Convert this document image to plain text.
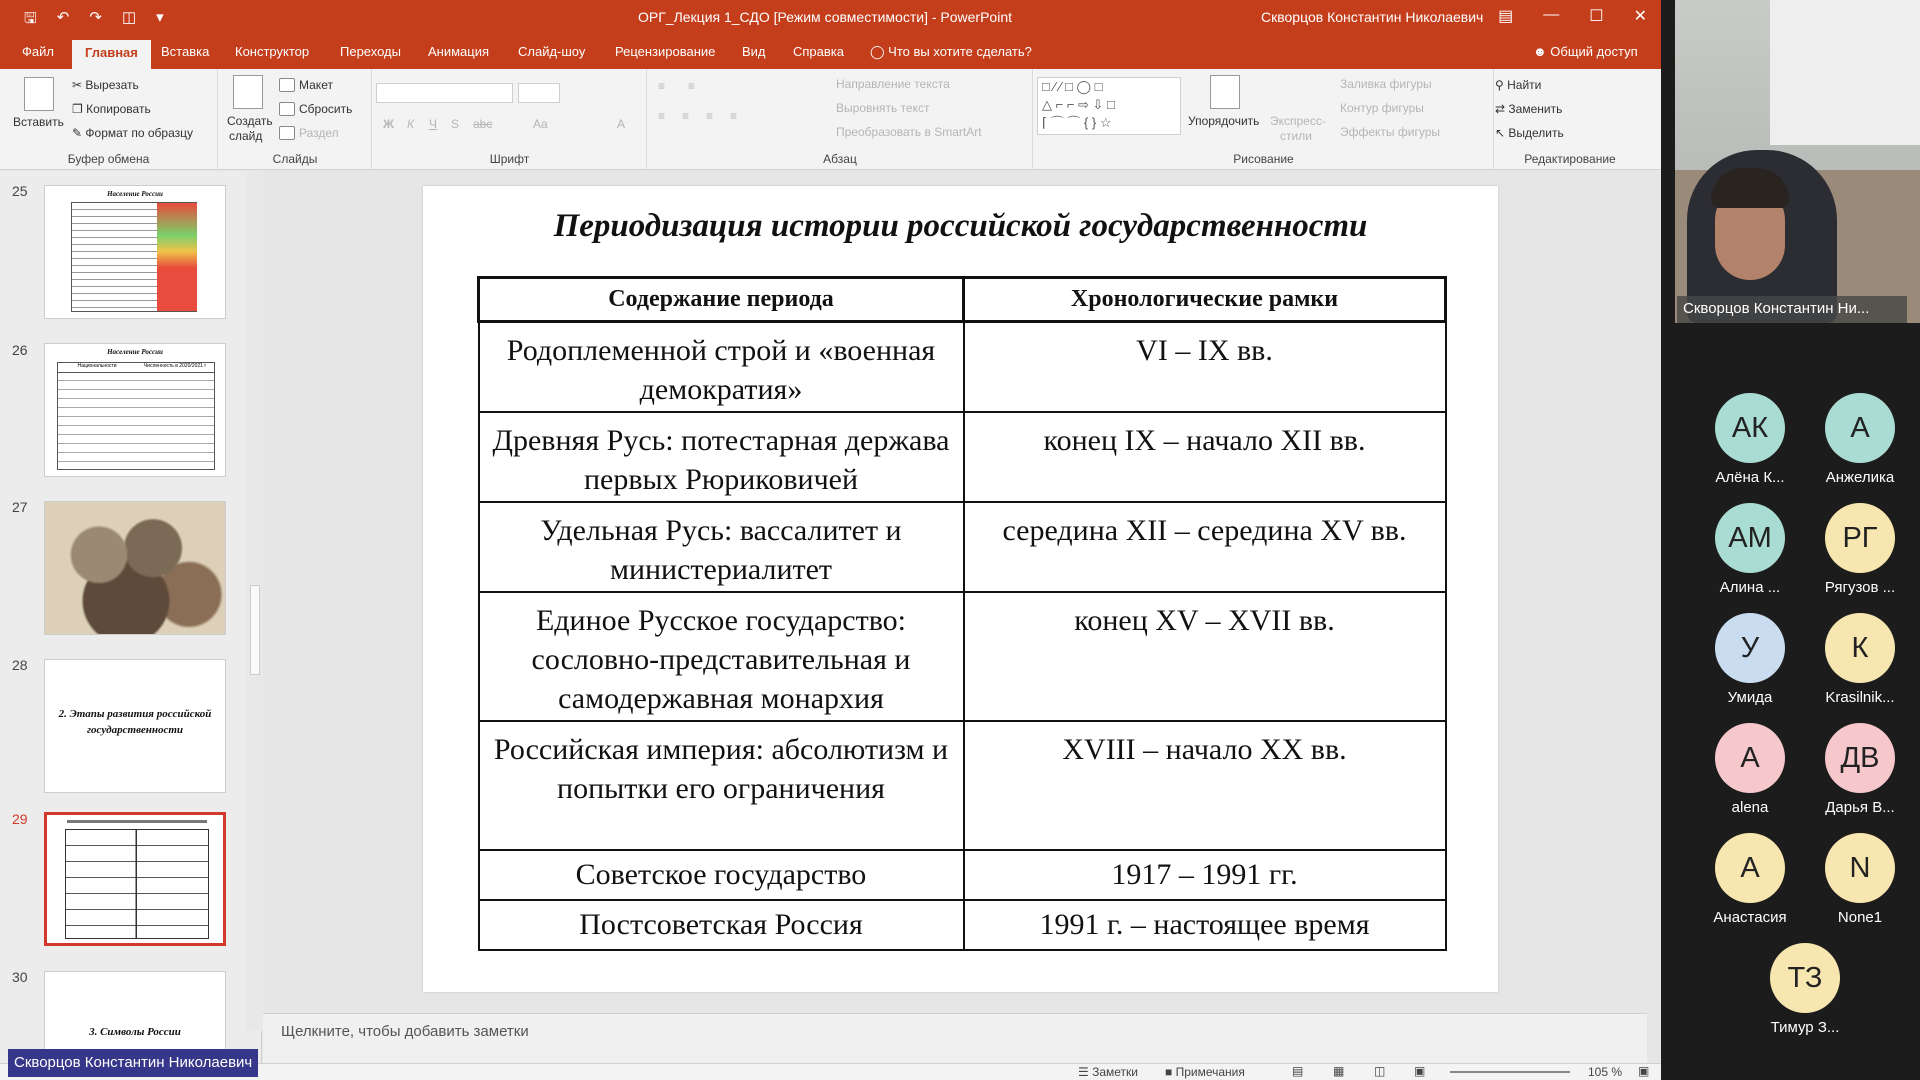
🖫 ↶ ↷ ◫ ▾	ОРГ_Лекция 1_СДО [Режим совместимости] - PowerPoint	Скворцов Константин Николаевич ▤ — ☐ ✕
Файл	Главная	Вставка Конструктор Переходы Анимация Слайд-шоу Рецензирование Вид Справка ◯ Что вы хотите сделать?	☻ Общий доступ
Вставить
✂ Вырезать
❐ Копировать
✎ Формат по образцу
Буфер обмена
Создать
слайд
Макет
Сбросить
Раздел
Слайды
Ж К Ч S abc	Aa	A
Шрифт
≡ ≡
≡ ≡ ≡ ≡
Направление текста
Выровнять текст
Преобразовать в SmartArt
Абзац
□ ∕ ∕ □ ◯ □
△ ⌐ ⌐ ⇨ ⇩ □
⌈ ⌒ ⌒ { } ☆	Упорядочить Экспресс-
стили
Заливка фигуры
Контур фигуры
Эффекты фигуры
Рисование
⚲ Найти
⇄ Заменить
↖ Выделить
Редактирование
25	Население России
26	Население России
Национальности	Численность в 2020/2021 г
27
28
2. Этапы развития российской государственности
29
30
3. Символы России
Периодизация истории российской государственности
Содержание периода	Хронологические рамки
Родоплеменной строй и «военная демократия»	VI – IX вв.
Древняя Русь: потестарная держава первых Рюриковичей	конец IX – начало XII вв.
Удельная Русь: вассалитет и министериалитет	середина XII – середина XV вв.
Единое Русское государство: сословно-представительная и самодержавная монархия	конец XV – XVII вв.
Российская империя: абсолютизм и попытки его ограничения	XVIII – начало XX вв.
Советское государство	1917 – 1991 гг.
Постсоветская Россия	1991 г. – настоящее время
Щелкните, чтобы добавить заметки
☰ Заметки ■ Примечания	▤ ▦ ◫ ▣	105 % ▣
Скворцов Константин Ни...
АК
Алёна К...
А
Анжелика
АМ
Алина ...
РГ
Рягузов ...
У
Умида
К
Krasilnik...
А
alena
ДВ
Дарья В...
А
Анастасия
N
None1
ТЗ
Тимур З...
Скворцов Константин Николаевич
